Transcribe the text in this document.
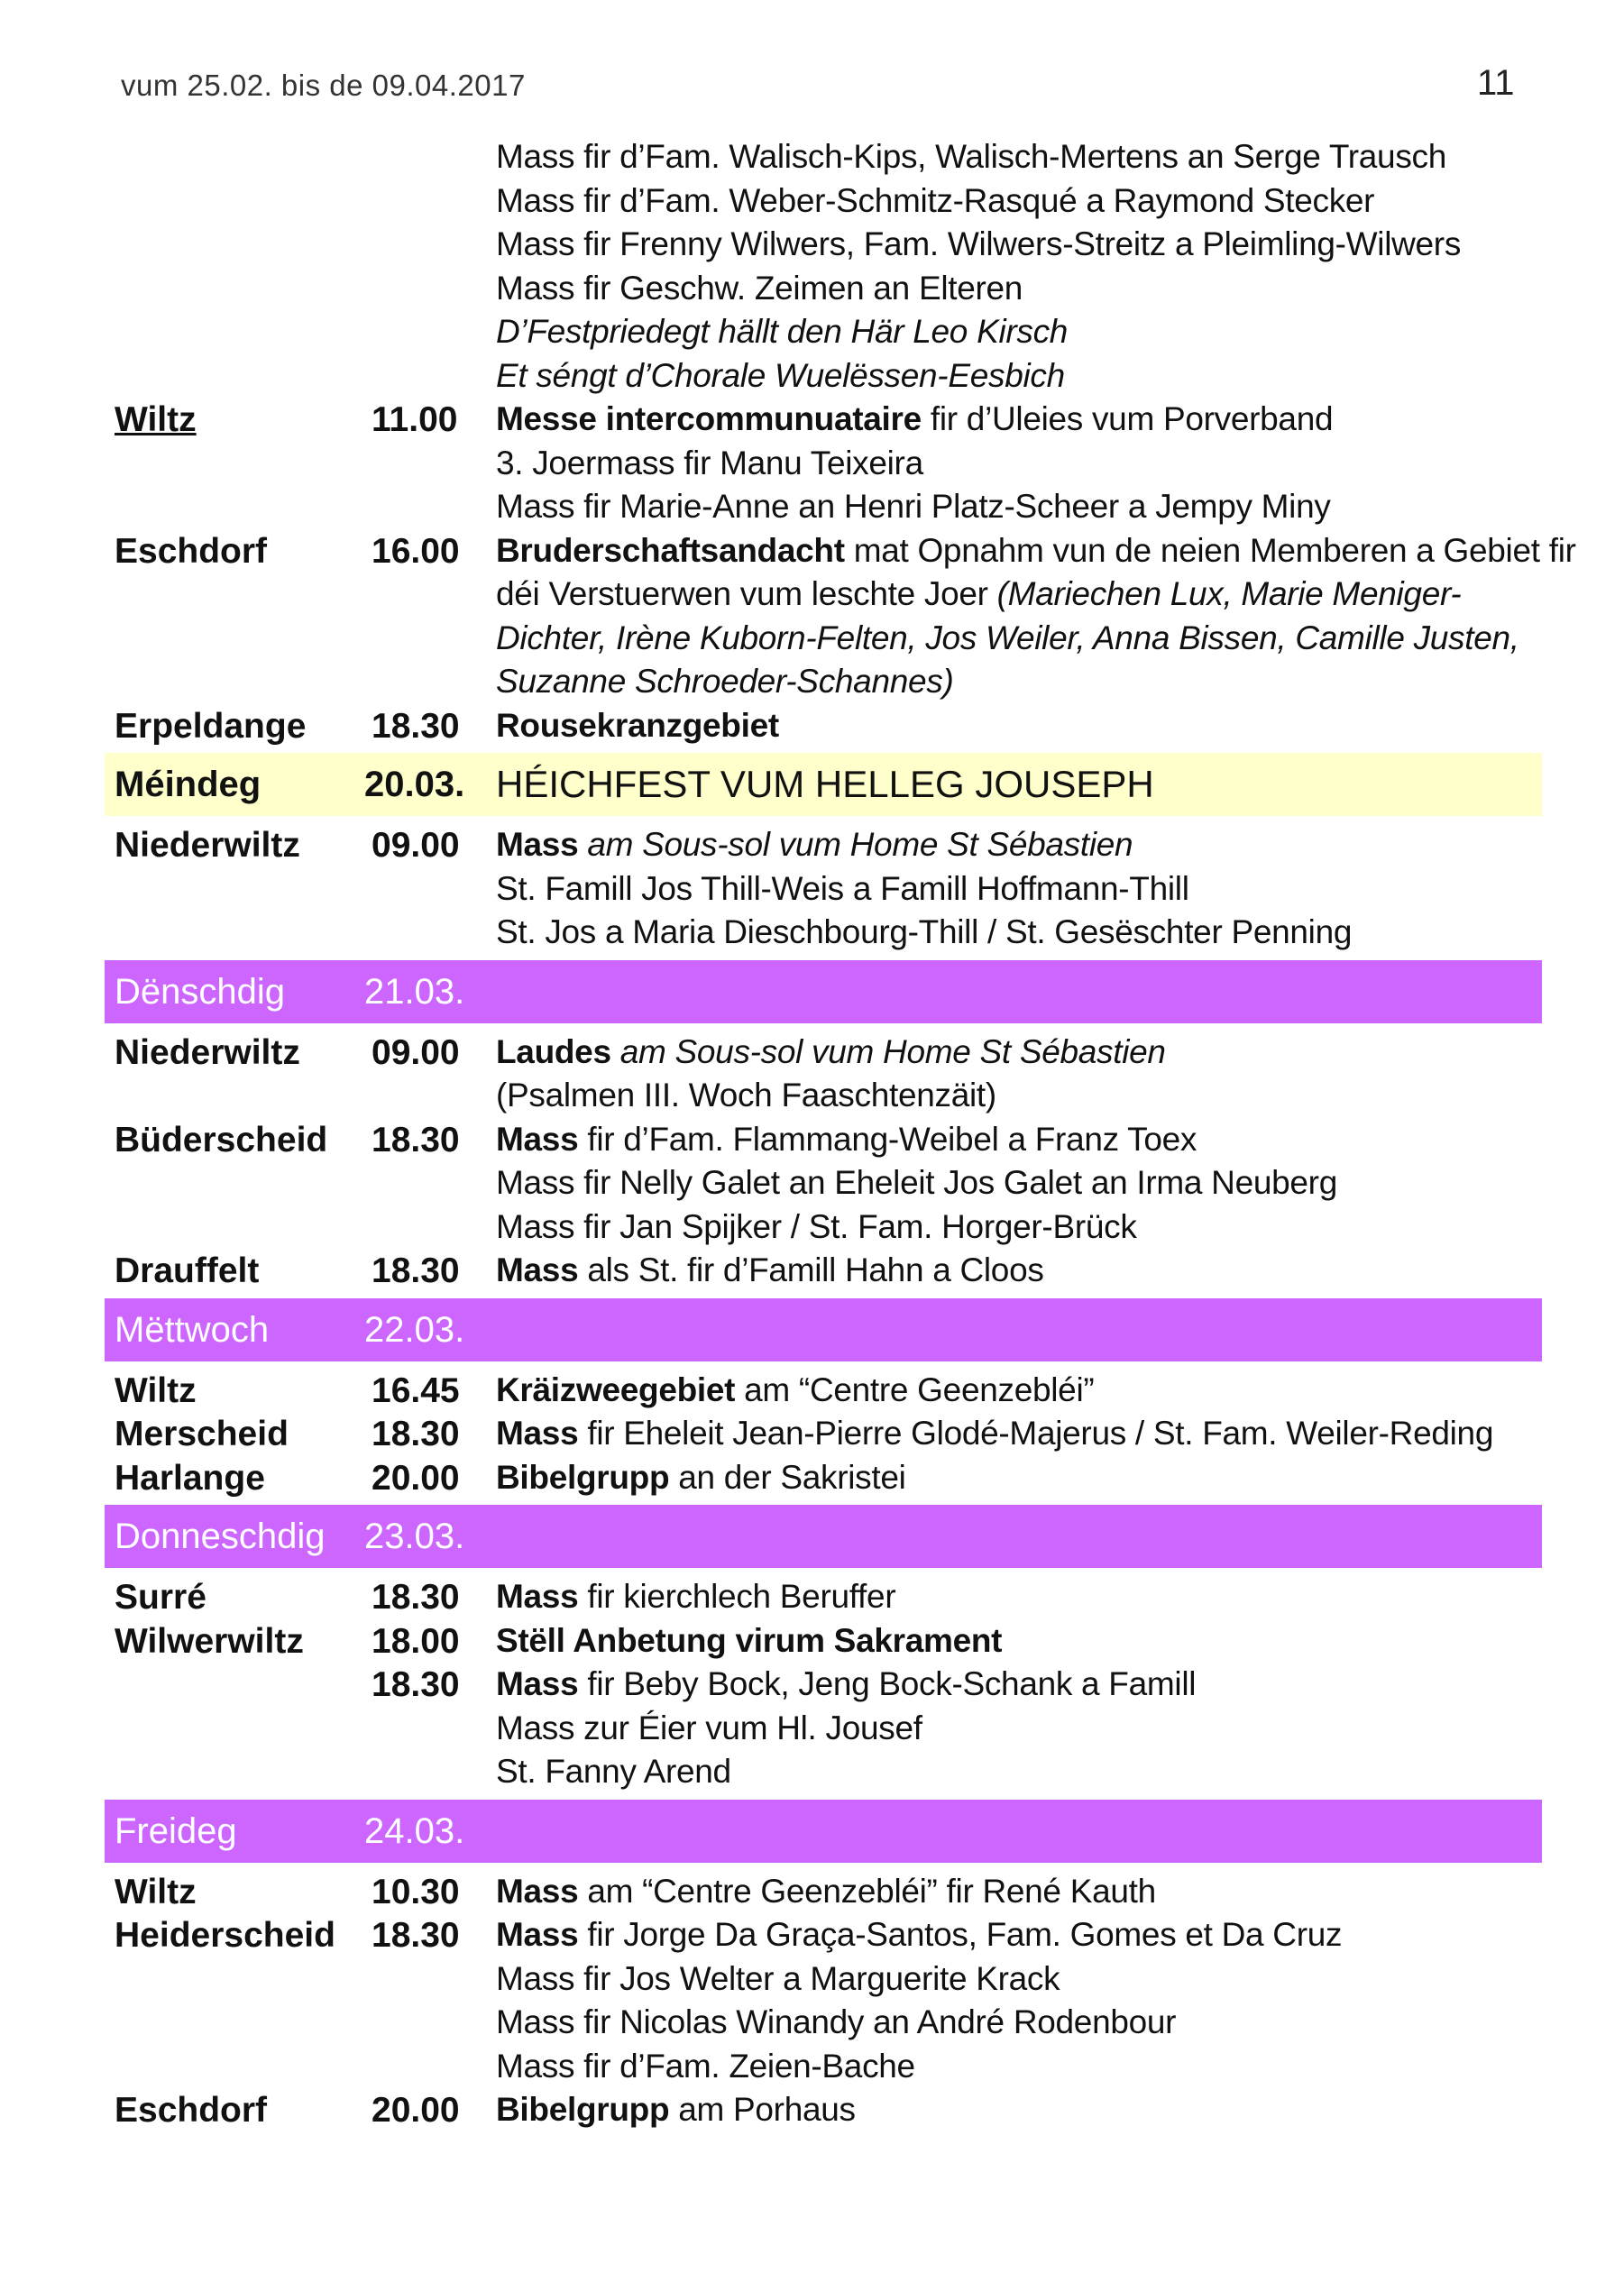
vum 25.02. bis de 09.04.2017	11
Mass fir d’Fam. Walisch-Kips, Walisch-Mertens an Serge Trausch
Mass fir d’Fam. Weber-Schmitz-Rasqué a Raymond Stecker
Mass fir Frenny Wilwers, Fam. Wilwers-Streitz a Pleimling-Wilwers
Mass fir Geschw. Zeimen an Elteren
D’Festpriedegt hällt den Här Leo Kirsch
Et séngt d’Chorale Wuelëssen-Eesbich
Wiltz	11.00 Messe intercommunuataire fir d’Uleies vum Porverband
3. Joermass fir Manu Teixeira
Mass fir Marie-Anne an Henri Platz-Scheer a Jempy Miny
Eschdorf	16.00 Bruderschaftsandacht mat Opnahm vun de neien Memberen a Gebiet fir
déi Verstuerwen vum leschte Joer (Mariechen Lux, Marie Meniger-
Dichter, Irène Kuborn-Felten, Jos Weiler, Anna Bissen, Camille Justen,
Suzanne Schroeder-Schannes)
Erpeldange 18.30 Rousekranzgebiet
Méindeg	20.03. HÉICHFEST VUM HELLEG JOUSEPH
Niederwiltz 09.00 Mass am Sous-sol vum Home St Sébastien
St. Famill Jos Thill-Weis a Famill Hoffmann-Thill
St. Jos a Maria Dieschbourg-Thill / St. Gesëschter Penning
Dënschdig 21.03.
Niederwiltz 09.00 Laudes am Sous-sol vum Home St Sébastien
(Psalmen III. Woch Faaschtenzäit)
Büderscheid 18.30 Mass fir d’Fam. Flammang-Weibel a Franz Toex
Mass fir Nelly Galet an Eheleit Jos Galet an Irma Neuberg
Mass fir Jan Spijker / St. Fam. Horger-Brück
Drauffelt	18.30 Mass als St. fir d’Famill Hahn a Cloos
Mëttwoch	22.03.
Wiltz	16.45 Kräizweegebiet am “Centre Geenzebléi”
Merscheid 18.30 Mass fir Eheleit Jean-Pierre Glodé-Majerus / St. Fam. Weiler-Reding
Harlange	20.00 Bibelgrupp an der Sakristei
Donneschdig 23.03.
Surré	18.30 Mass fir kierchlech Beruffer
Wilwerwiltz 18.00 Stëll Anbetung virum Sakrament
18.30 Mass fir Beby Bock, Jeng Bock-Schank a Famill
Mass zur Éier vum Hl. Jousef
St. Fanny Arend
Freideg	24.03.
Wiltz	10.30 Mass am “Centre Geenzebléi” fir René Kauth
Heiderscheid 18.30 Mass fir Jorge Da Graça-Santos, Fam. Gomes et Da Cruz
Mass fir Jos Welter a Marguerite Krack
Mass fir Nicolas Winandy an André Rodenbour
Mass fir d’Fam. Zeien-Bache
Eschdorf	20.00 Bibelgrupp am Porhaus
